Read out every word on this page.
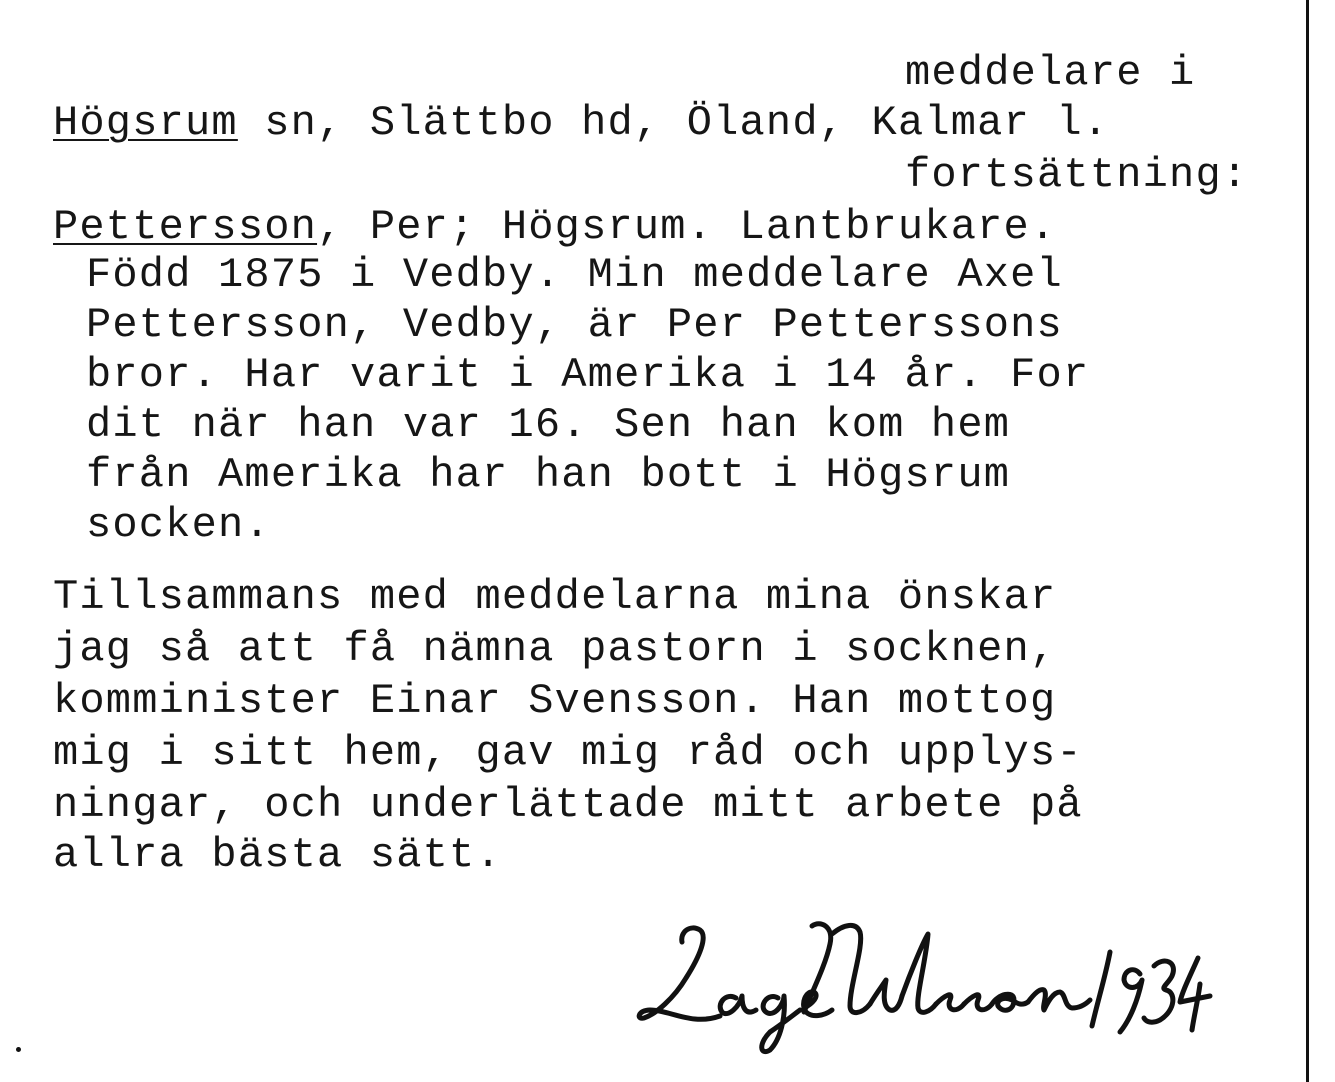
meddelare i

Högsrum sn, Slättbo hd, Öland, Kalmar l.

fortsättning:

Pettersson, Per; Högsrum. Lantbrukare.

Född 1875 i Vedby. Min meddelare Axel

Pettersson, Vedby, är Per Petterssons

bror. Har varit i Amerika i 14 år. For

dit när han var 16. Sen han kom hem

från Amerika har han bott i Högsrum

socken.

Tillsammans med meddelarna mina önskar

jag så att få nämna pastorn i socknen,

komminister Einar Svensson. Han mottog

mig i sitt hem, gav mig råd och upplys-

ningar, och underlättade mitt arbete på

allra bästa sätt.
